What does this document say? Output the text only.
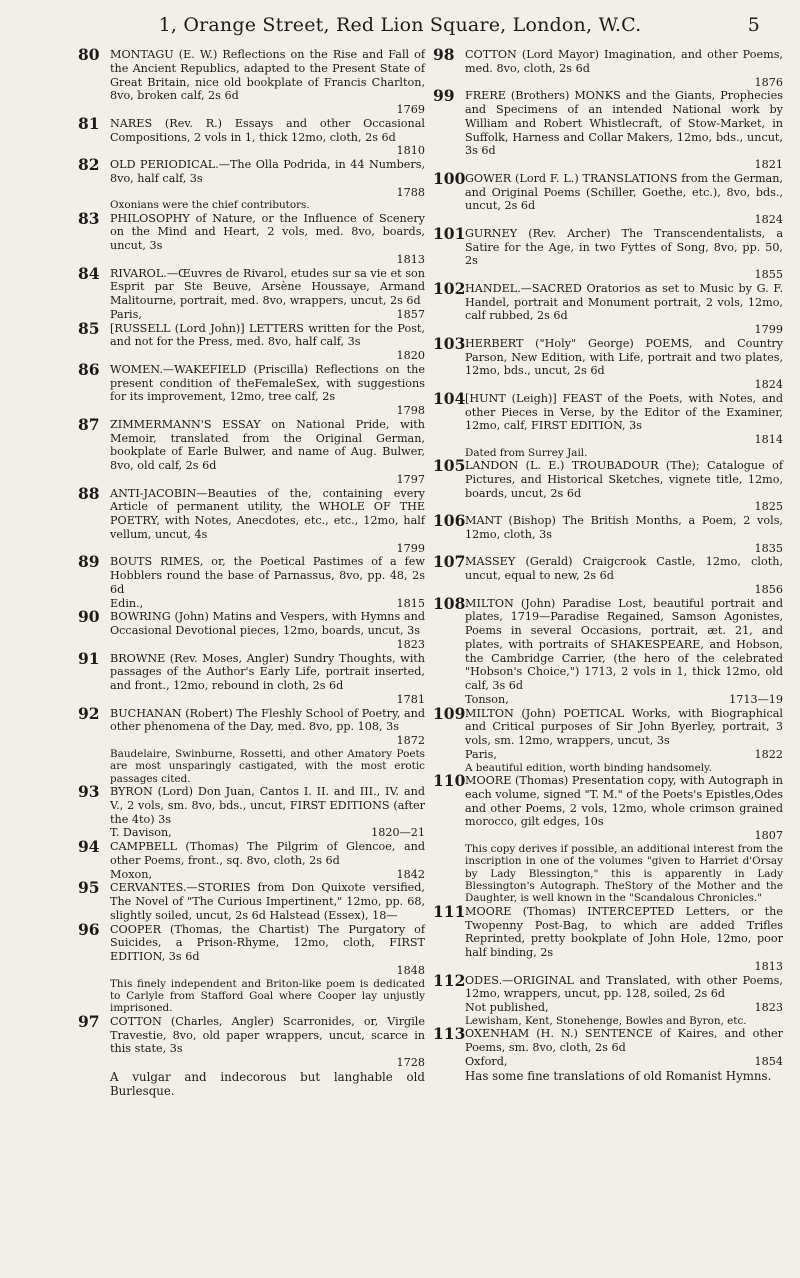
1, Orange Street, Red Lion Square, London, W.C.	5
80 MONTAGU (E. W.) Reflections on the Rise and Fall of the Ancient Republics, adapted to the Present State of Great Britain, nice old bookplate of Francis Charlton, 8vo, broken calf, 2s 6d
1769
81 NARES (Rev. R.) Essays and other Occasional Compositions, 2 vols in 1, thick 12mo, cloth, 2s 6d
1810
82 OLD PERIODICAL.—The Olla Podrida, in 44 Numbers, 8vo, half calf, 3s
1788
Oxonians were the chief contributors.
83 PHILOSOPHY of Nature, or the Influence of Scenery on the Mind and Heart, 2 vols, med. 8vo, boards, uncut, 3s
1813
84 RIVAROL.—Œuvres de Rivarol, etudes sur sa vie et son Esprit par Ste Beuve, Arsène Houssaye, Armand Malitourne, portrait, med. 8vo, wrappers, uncut, 2s 6d
Paris,	1857
85 [RUSSELL (Lord John)] LETTERS written for the Post, and not for the Press, med. 8vo, half calf, 3s
1820
86 WOMEN.—WAKEFIELD (Priscilla) Reflections on the present condition of theFemaleSex, with suggestions for its improvement, 12mo, tree calf, 2s
1798
87 ZIMMERMANN'S ESSAY on National Pride, with Memoir, translated from the Original German, bookplate of Earle Bulwer, and name of Aug. Bulwer, 8vo, old calf, 2s 6d
1797
88 ANTI-JACOBIN—Beauties of the, containing every Article of permanent utility, the WHOLE OF THE POETRY, with Notes, Anecdotes, etc., etc., 12mo, half vellum, uncut, 4s
1799
89 BOUTS RIMES, or, the Poetical Pastimes of a few Hobblers round the base of Parnassus, 8vo, pp. 48, 2s 6d
Edin.,	1815
90 BOWRING (John) Matins and Vespers, with Hymns and Occasional Devotional pieces, 12mo, boards, uncut, 3s
1823
91 BROWNE (Rev. Moses, Angler) Sundry Thoughts, with passages of the Author's Early Life, portrait inserted, and front., 12mo, rebound in cloth, 2s 6d
1781
92 BUCHANAN (Robert) The Fleshly School of Poetry, and other phenomena of the Day, med. 8vo, pp. 108, 3s
1872
Baudelaire, Swinburne, Rossetti, and other Amatory Poets are most unsparingly castigated, with the most erotic passages cited.
93 BYRON (Lord) Don Juan, Cantos I. II. and III., IV. and V., 2 vols, sm. 8vo, bds., uncut, FIRST EDITIONS (after the 4to) 3s
T. Davison,	1820—21
94 CAMPBELL (Thomas) The Pilgrim of Glencoe, and other Poems, front., sq. 8vo, cloth, 2s 6d
Moxon,	1842
95 CERVANTES.—STORIES from Don Quixote versified, The Novel of "The Curious Impertinent," 12mo, pp. 68, slightly soiled, uncut, 2s 6d Halstead (Essex), 18—
96 COOPER (Thomas, the Chartist) The Purgatory of Suicides, a Prison-Rhyme, 12mo, cloth, FIRST EDITION, 3s 6d
1848
This finely independent and Briton-like poem is dedicated to Carlyle from Stafford Goal where Cooper lay unjustly imprisoned.
97 COTTON (Charles, Angler) Scarronides, or, Virgile Travestie, 8vo, old paper wrappers, uncut, scarce in this state, 3s
1728
A vulgar and indecorous but langhable old Burlesque.
98 COTTON (Lord Mayor) Imagination, and other Poems, med. 8vo, cloth, 2s 6d
1876
99 FRERE (Brothers) MONKS and the Giants, Prophecies and Specimens of an intended National work by William and Robert Whistlecraft, of Stow-Market, in Suffolk, Harness and Collar Makers, 12mo, bds., uncut, 3s 6d
1821
100 GOWER (Lord F. L.) TRANSLATIONS from the German, and Original Poems (Schiller, Goethe, etc.), 8vo, bds., uncut, 2s 6d
1824
101 GURNEY (Rev. Archer) The Transcendentalists, a Satire for the Age, in two Fyttes of Song, 8vo, pp. 50, 2s
1855
102 HANDEL.—SACRED Oratorios as set to Music by G. F. Handel, portrait and Monument portrait, 2 vols, 12mo, calf rubbed, 2s 6d
1799
103 HERBERT ("Holy" George) POEMS, and Country Parson, New Edition, with Life, portrait and two plates, 12mo, bds., uncut, 2s 6d
1824
104 [HUNT (Leigh)] FEAST of the Poets, with Notes, and other Pieces in Verse, by the Editor of the Examiner, 12mo, calf, FIRST EDITION, 3s
1814
Dated from Surrey Jail.
105 LANDON (L. E.) TROUBADOUR (The); Catalogue of Pictures, and Historical Sketches, vignete title, 12mo, boards, uncut, 2s 6d
1825
106 MANT (Bishop) The British Months, a Poem, 2 vols, 12mo, cloth, 3s
1835
107 MASSEY (Gerald) Craigcrook Castle, 12mo, cloth, uncut, equal to new, 2s 6d
1856
108 MILTON (John) Paradise Lost, beautiful portrait and plates, 1719—Paradise Regained, Samson Agonistes, Poems in several Occasions, portrait, æt. 21, and plates, with portraits of SHAKESPEARE, and Hobson, the Cambridge Carrier, (the hero of the celebrated "Hobson's Choice,") 1713, 2 vols in 1, thick 12mo, old calf, 3s 6d
Tonson,	1713—19
109 MILTON (John) POETICAL Works, with Biographical and Critical purposes of Sir John Byerley, portrait, 3 vols, sm. 12mo, wrappers, uncut, 3s
Paris,	1822
A beautiful edition, worth binding handsomely.
110 MOORE (Thomas) Presentation copy, with Autograph in each volume, signed "T. M." of the Poets's Epistles,Odes and other Poems, 2 vols, 12mo, whole crimson grained morocco, gilt edges, 10s
1807
This copy derives if possible, an additional interest from the inscription in one of the volumes "given to Harriet d'Orsay by Lady Blessington," this is apparently in Lady Blessington's Autograph. TheStory of the Mother and the Daughter, is well known in the "Scandalous Chronicles."
111 MOORE (Thomas) INTERCEPTED Letters, or the Twopenny Post-Bag, to which are added Trifles Reprinted, pretty bookplate of John Hole, 12mo, poor half binding, 2s
1813
112 ODES.—ORIGINAL and Translated, with other Poems, 12mo, wrappers, uncut, pp. 128, soiled, 2s 6d
Not published,	1823
Lewisham, Kent, Stonehenge, Bowles and Byron, etc.
113 OXENHAM (H. N.) SENTENCE of Kaires, and other Poems, sm. 8vo, cloth, 2s 6d
Oxford,	1854
Has some fine translations of old Romanist Hymns.
